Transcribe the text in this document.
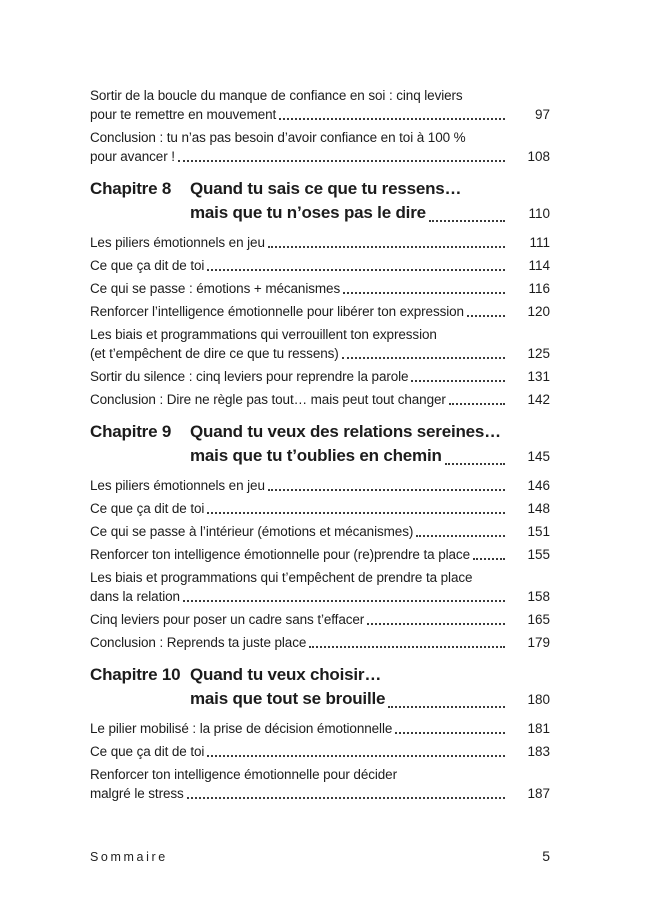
Sortir de la boucle du manque de confiance en soi : cinq leviers
pour te remettre en mouvement	97
Conclusion : tu n’as pas besoin d’avoir confiance en toi à 100 %
pour avancer !	108
Chapitre 8	Quand tu sais ce que tu ressens…
mais que tu n’oses pas le dire	110
Les piliers émotionnels en jeu	111
Ce que ça dit de toi	114
Ce qui se passe : émotions + mécanismes	116
Renforcer l’intelligence émotionnelle pour libérer ton expression	120
Les biais et programmations qui verrouillent ton expression
(et t’empêchent de dire ce que tu ressens)	125
Sortir du silence : cinq leviers pour reprendre la parole	131
Conclusion : Dire ne règle pas tout… mais peut tout changer	142
Chapitre 9	Quand tu veux des relations sereines…
mais que tu t’oublies en chemin	145
Les piliers émotionnels en jeu	146
Ce que ça dit de toi	148
Ce qui se passe à l’intérieur (émotions et mécanismes)	151
Renforcer ton intelligence émotionnelle pour (re)prendre ta place	155
Les biais et programmations qui t’empêchent de prendre ta place
dans la relation	158
Cinq leviers pour poser un cadre sans t’effacer	165
Conclusion : Reprends ta juste place	179
Chapitre 10 Quand tu veux choisir…
mais que tout se brouille	180
Le pilier mobilisé : la prise de décision émotionnelle	181
Ce que ça dit de toi	183
Renforcer ton intelligence émotionnelle pour décider
malgré le stress	187
Sommaire	5
